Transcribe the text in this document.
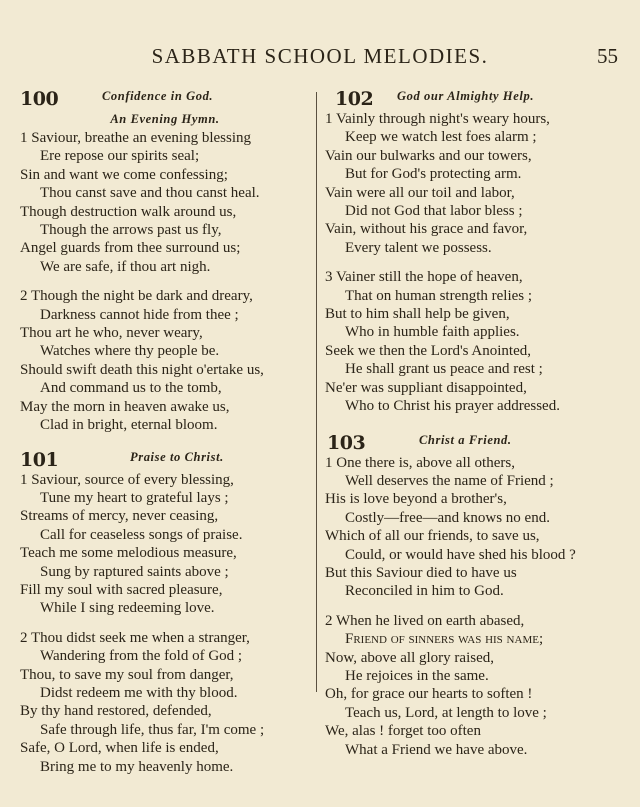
SABBATH SCHOOL MELODIES.	55
100	Confidence in God.
An Evening Hymn.
1 Saviour, breathe an evening blessing
Ere repose our spirits seal;
Sin and want we come confessing;
Thou canst save and thou canst heal.
Though destruction walk around us,
Though the arrows past us fly,
Angel guards from thee surround us;
We are safe, if thou art nigh.
2 Though the night be dark and dreary,
Darkness cannot hide from thee ;
Thou art he who, never weary,
Watches where thy people be.
Should swift death this night o'ertake us,
And command us to the tomb,
May the morn in heaven awake us,
Clad in bright, eternal bloom.
101	Praise to Christ.
1 Saviour, source of every blessing,
Tune my heart to grateful lays ;
Streams of mercy, never ceasing,
Call for ceaseless songs of praise.
Teach me some melodious measure,
Sung by raptured saints above ;
Fill my soul with sacred pleasure,
While I sing redeeming love.
2 Thou didst seek me when a stranger,
Wandering from the fold of God ;
Thou, to save my soul from danger,
Didst redeem me with thy blood.
By thy hand restored, defended,
Safe through life, thus far, I'm come ;
Safe, O Lord, when life is ended,
Bring me to my heavenly home.
102 God our Almighty Help.
1 Vainly through night's weary hours,
Keep we watch lest foes alarm ;
Vain our bulwarks and our towers,
But for God's protecting arm.
Vain were all our toil and labor,
Did not God that labor bless ;
Vain, without his grace and favor,
Every talent we possess.
3 Vainer still the hope of heaven,
That on human strength relies ;
But to him shall help be given,
Who in humble faith applies.
Seek we then the Lord's Anointed,
He shall grant us peace and rest ;
Ne'er was suppliant disappointed,
Who to Christ his prayer addressed.
103	Christ a Friend.
1 One there is, above all others,
Well deserves the name of Friend ;
His is love beyond a brother's,
Costly—free—and knows no end.
Which of all our friends, to save us,
Could, or would have shed his blood ?
But this Saviour died to have us
Reconciled in him to God.
2 When he lived on earth abased,
Friend of sinners was his name;
Now, above all glory raised,
He rejoices in the same.
Oh, for grace our hearts to soften !
Teach us, Lord, at length to love ;
We, alas ! forget too often
What a Friend we have above.
